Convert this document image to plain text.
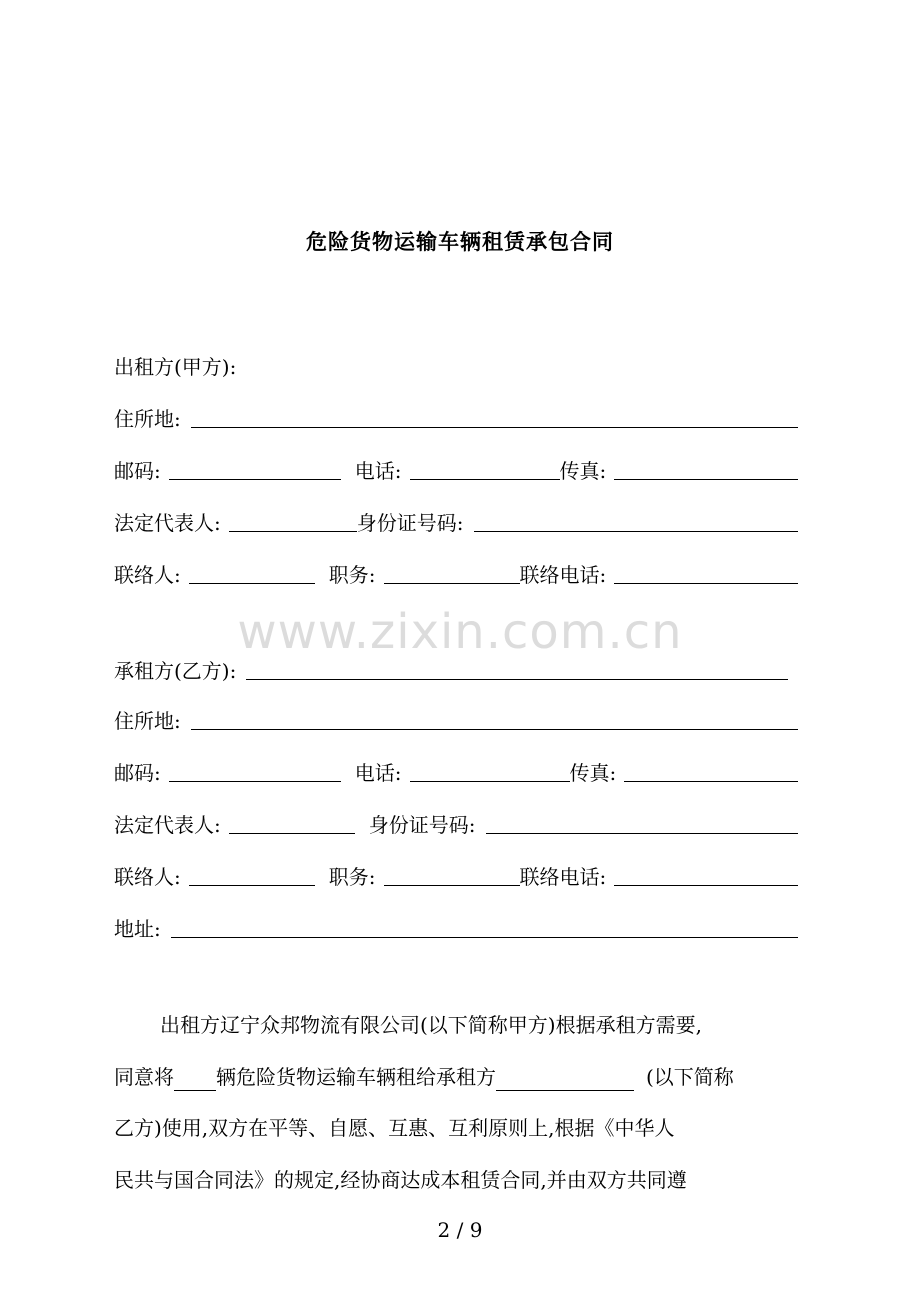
危险货物运输车辆租赁承包合同
出租方(甲方):
住所地:
邮码:	电话:	传真:
法定代表人:	身份证号码:
联络人:	职务:	联络电话:
www.zixin.com.cn
承租方(乙方):
住所地:
邮码:	电话:	传真:
法定代表人:	身份证号码:
联络人:	职务:	联络电话:
地址:
出租方辽宁众邦物流有限公司(以下简称甲方)根据承租方需要,
同意将 辆危险货物运输车辆租给承租方	(以下简称
乙方)使用,双方在平等、自愿、互惠、互利原则上,根据《中华人
民共与国合同法》的规定,经协商达成本租赁合同,并由双方共同遵
2 / 9
